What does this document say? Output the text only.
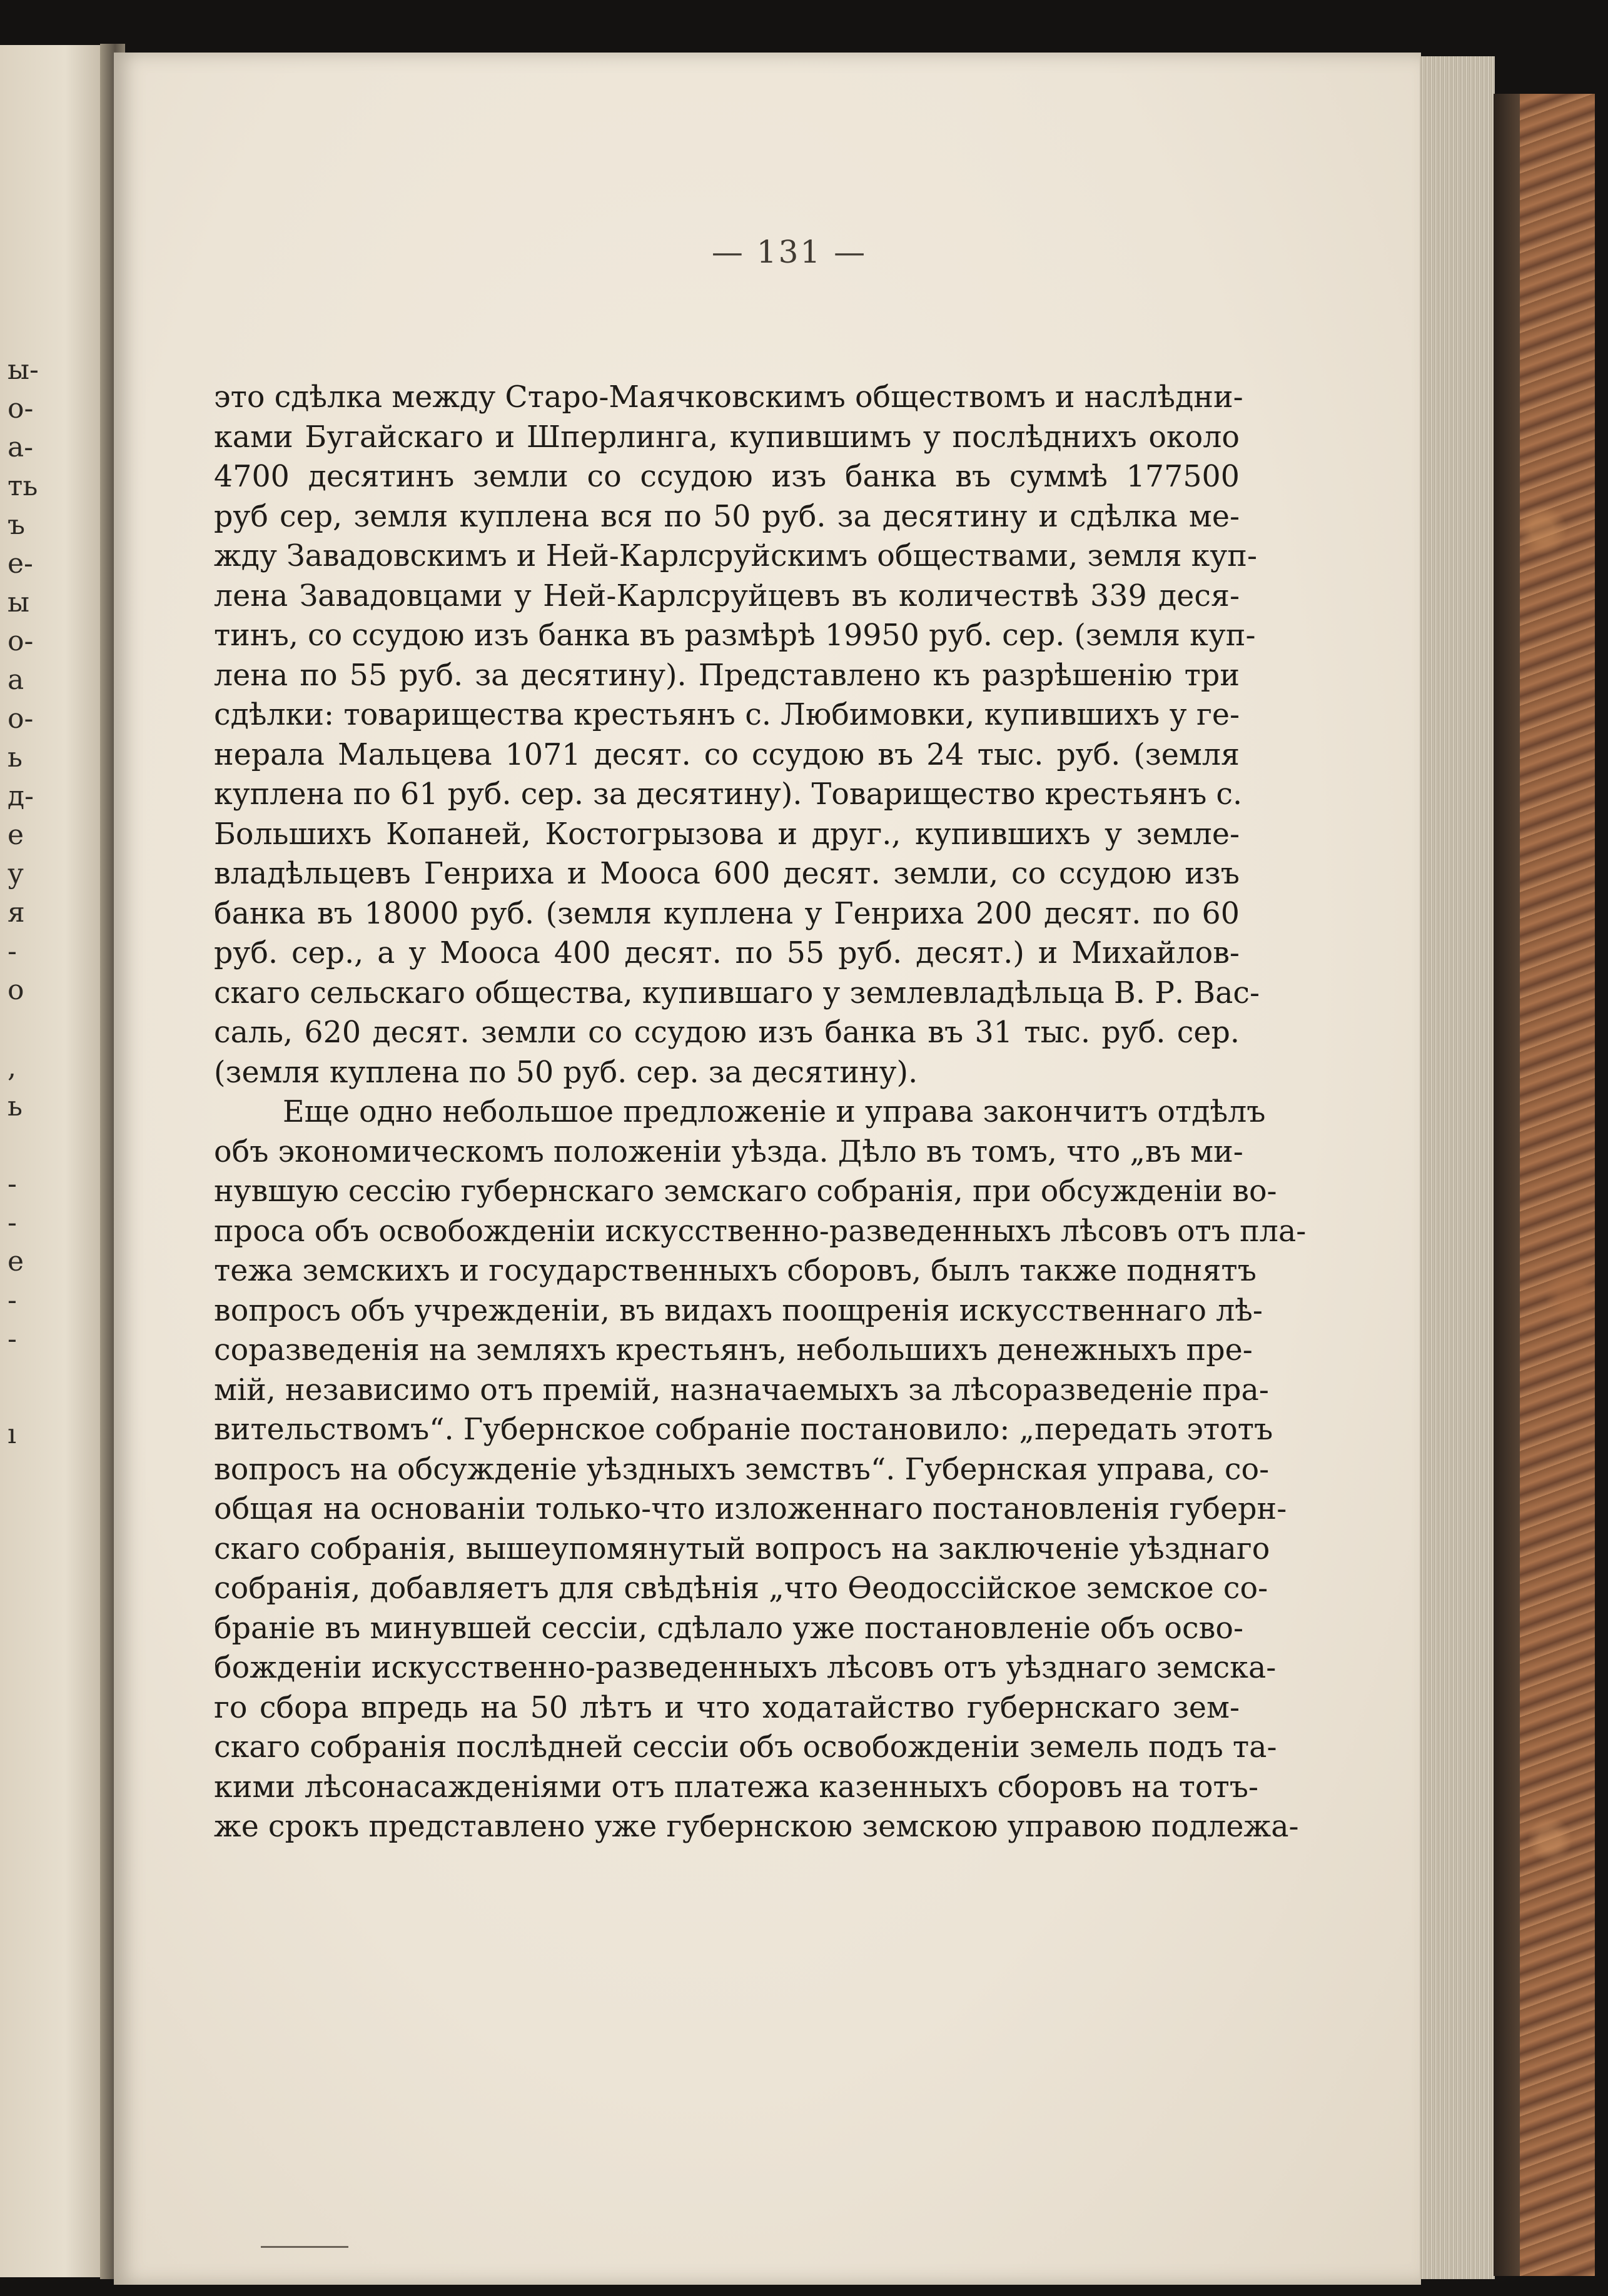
ы-
о-
а-
ть
ъ
е-
ы
о-
а
о-
ь
д-
е
у
я
-
о
,
ь
-
-
е
-
-
ı
— 131 —
это сдѣлка между Старо-Маячковскимъ обществомъ и наслѣдни-
ками Бугайскаго и Шперлинга, купившимъ у послѣднихъ около
4700 десятинъ земли со ссудою изъ банка въ суммѣ 177500
руб сер, земля куплена вся по 50 руб. за десятину и сдѣлка ме-
жду Завадовскимъ и Ней-Карлсруйскимъ обществами, земля куп-
лена Завадовцами у Ней-Карлсруйцевъ въ количествѣ 339 деся-
тинъ, со ссудою изъ банка въ размѣрѣ 19950 руб. сер. (земля куп-
лена по 55 руб. за десятину). Представлено къ разрѣшенію три
сдѣлки: товарищества крестьянъ с. Любимовки, купившихъ у ге-
нерала Мальцева 1071 десят. со ссудою въ 24 тыс. руб. (земля
куплена по 61 руб. сер. за десятину). Товарищество крестьянъ с.
Большихъ Копаней, Костогрызова и друг., купившихъ у земле-
владѣльцевъ Генриха и Мооса 600 десят. земли, со ссудою изъ
банка въ 18000 руб. (земля куплена у Генриха 200 десят. по 60
руб. сер., а у Мооса 400 десят. по 55 руб. десят.) и Михайлов-
скаго сельскаго общества, купившаго у землевладѣльца В. Р. Вас-
саль, 620 десят. земли со ссудою изъ банка въ 31 тыс. руб. сер.
(земля куплена по 50 руб. сер. за десятину).
Еще одно небольшое предложеніе и управа закончитъ отдѣлъ
объ экономическомъ положеніи уѣзда. Дѣло въ томъ, что „въ ми-
нувшую сессію губернскаго земскаго собранія, при обсужденіи во-
проса объ освобожденіи искусственно-разведенныхъ лѣсовъ отъ пла-
тежа земскихъ и государственныхъ сборовъ, былъ также поднятъ
вопросъ объ учрежденіи, въ видахъ поощренія искусственнаго лѣ-
соразведенія на земляхъ крестьянъ, небольшихъ денежныхъ пре-
мій, независимо отъ премій, назначаемыхъ за лѣсоразведеніе пра-
вительствомъ“. Губернское собраніе постановило: „передать этотъ
вопросъ на обсужденіе уѣздныхъ земствъ“. Губернская управа, со-
общая на основаніи только-что изложеннаго постановленія губерн-
скаго собранія, вышеупомянутый вопросъ на заключеніе уѣзднаго
собранія, добавляетъ для свѣдѣнія „что Ѳеодоссійское земское со-
браніе въ минувшей сессіи, сдѣлало уже постановленіе объ осво-
божденіи искусственно-разведенныхъ лѣсовъ отъ уѣзднаго земска-
го сбора впредь на 50 лѣтъ и что ходатайство губернскаго зем-
скаго собранія послѣдней сессіи объ освобожденіи земель подъ та-
кими лѣсонасажденіями отъ платежа казенныхъ сборовъ на тотъ-
же срокъ представлено уже губернскою земскою управою подлежа-
